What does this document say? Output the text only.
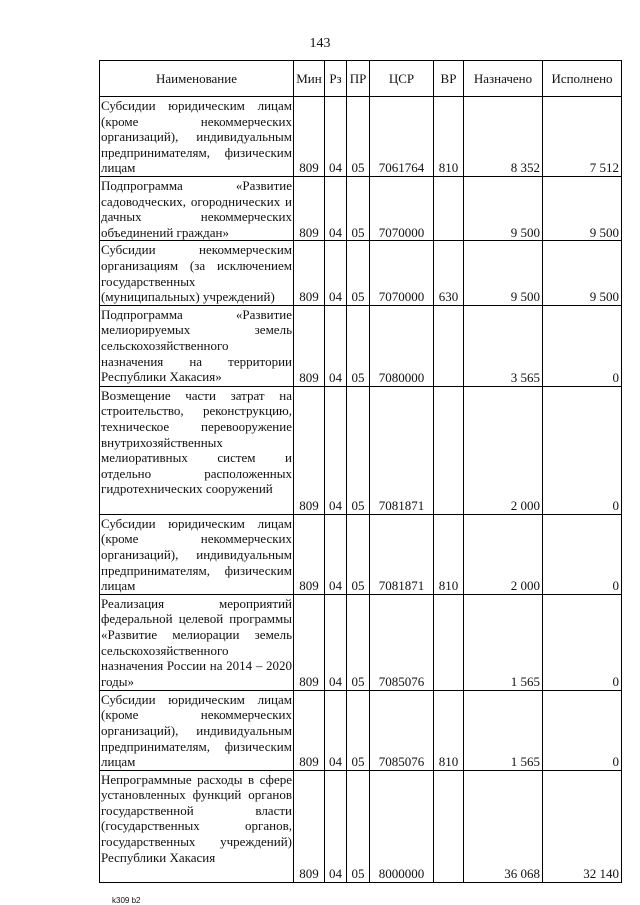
143
Наименование	Мин	Рз	ПР	ЦСР	ВР	Назначено	Исполнено
Субсидии юридическим лицам (кроме некоммерческих организаций), индивидуальным предпринимателям, физическим лицам	809	04	05	7061764	810	8 352	7 512
Подпрограмма «Развитие садоводческих, огороднических и дачных некоммерческих объединений граждан»	809	04	05	7070000		9 500	9 500
Субсидии некоммерческим организациям (за исключением государственных (муниципальных) учреждений)	809	04	05	7070000	630	9 500	9 500
Подпрограмма «Развитие мелиорируемых земель сельскохозяйственного назначения на территории Республики Хакасия»	809	04	05	7080000		3 565	0
Возмещение части затрат на строительство, реконструкцию, техническое перевооружение внутрихозяйственных мелиоративных систем и отдельно расположенных гидротехнических сооружений	809	04	05	7081871		2 000	0
Субсидии юридическим лицам (кроме некоммерческих организаций), индивидуальным предпринимателям, физическим лицам	809	04	05	7081871	810	2 000	0
Реализация мероприятий федеральной целевой программы «Развитие мелиорации земель сельскохозяйственного назначения России на 2014 – 2020 годы»	809	04	05	7085076		1 565	0
Субсидии юридическим лицам (кроме некоммерческих организаций), индивидуальным предпринимателям, физическим лицам	809	04	05	7085076	810	1 565	0
Непрограммные расходы в сфере установленных функций органов государственной власти (государственных органов, государственных учреждений) Республики Хакасия	809	04	05	8000000		36 068	32 140
k309 b2
